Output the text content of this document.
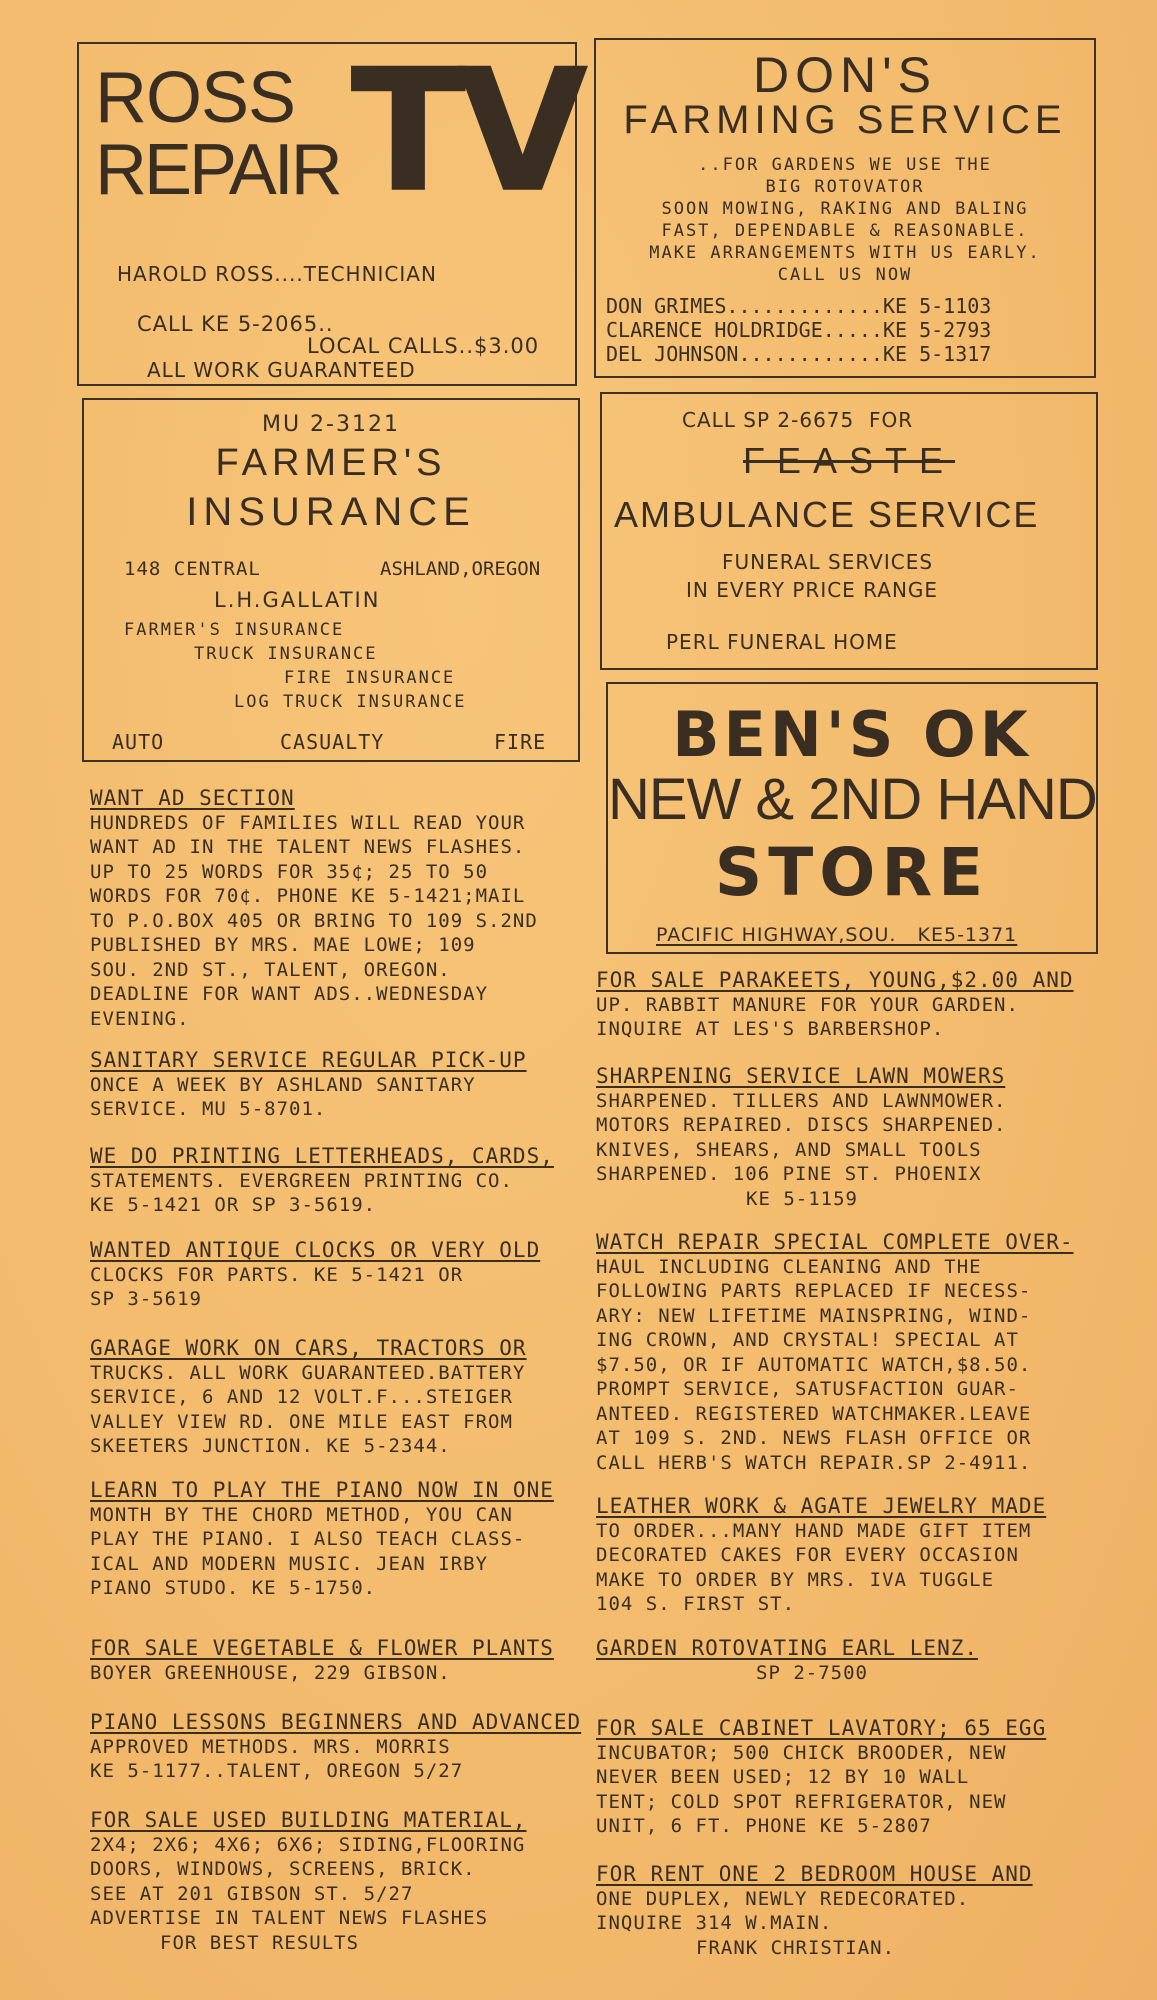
ROSS
REPAIR TV
HAROLD ROSS....TECHNICIAN
CALL KE 5-2065..
LOCAL CALLS..$3.00
ALL WORK GUARANTEED
DON'S
FARMING SERVICE
..FOR GARDENS WE USE THE
BIG ROTOVATOR
SOON MOWING, RAKING AND BALING
FAST, DEPENDABLE & REASONABLE.
MAKE ARRANGEMENTS WITH US EARLY.
CALL US NOW
DON GRIMES.............KE 5-1103
CLARENCE HOLDRIDGE.....KE 5-2793
DEL JOHNSON............KE 5-1317
MU 2-3121
FARMER'S
INSURANCE
148 CENTRAL	ASHLAND,OREGON
L.H.GALLATIN
FARMER'S INSURANCE
TRUCK INSURANCE
FIRE INSURANCE
LOG TRUCK INSURANCE
AUTO	CASUALTY	FIRE
CALL SP 2-6675  FOR
FEASTE
AMBULANCE SERVICE
FUNERAL SERVICES
IN EVERY PRICE RANGE
PERL FUNERAL HOME
BEN'S OK
NEW & 2ND HAND
STORE
PACIFIC HIGHWAY,SOU.   KE5-1371
WANT AD SECTION
HUNDREDS OF FAMILIES WILL READ YOUR
WANT AD IN THE TALENT NEWS FLASHES.
UP TO 25 WORDS FOR 35¢; 25 TO 50
WORDS FOR 70¢. PHONE KE 5-1421;MAIL
TO P.O.BOX 405 OR BRING TO 109 S.2ND
PUBLISHED BY MRS. MAE LOWE; 109
SOU. 2ND ST., TALENT, OREGON.
DEADLINE FOR WANT ADS..WEDNESDAY
EVENING.
SANITARY SERVICE REGULAR PICK-UP
ONCE A WEEK BY ASHLAND SANITARY
SERVICE. MU 5-8701.
WE DO PRINTING LETTERHEADS, CARDS,
STATEMENTS. EVERGREEN PRINTING CO.
KE 5-1421 OR SP 3-5619.
WANTED ANTIQUE CLOCKS OR VERY OLD
CLOCKS FOR PARTS. KE 5-1421 OR
SP 3-5619
GARAGE WORK ON CARS, TRACTORS OR
TRUCKS. ALL WORK GUARANTEED.BATTERY
SERVICE, 6 AND 12 VOLT.F...STEIGER
VALLEY VIEW RD. ONE MILE EAST FROM
SKEETERS JUNCTION. KE 5-2344.
LEARN TO PLAY THE PIANO NOW IN ONE
MONTH BY THE CHORD METHOD, YOU CAN
PLAY THE PIANO. I ALSO TEACH CLASS-
ICAL AND MODERN MUSIC. JEAN IRBY
PIANO STUDO. KE 5-1750.
FOR SALE VEGETABLE & FLOWER PLANTS
BOYER GREENHOUSE, 229 GIBSON.
PIANO LESSONS BEGINNERS AND ADVANCED
APPROVED METHODS. MRS. MORRIS
KE 5-1177..TALENT, OREGON 5/27
FOR SALE USED BUILDING MATERIAL,
2X4; 2X6; 4X6; 6X6; SIDING,FLOORING
DOORS, WINDOWS, SCREENS, BRICK.
SEE AT 201 GIBSON ST. 5/27
ADVERTISE IN TALENT NEWS FLASHES
FOR BEST RESULTS
FOR SALE PARAKEETS, YOUNG,$2.00 AND
UP. RABBIT MANURE FOR YOUR GARDEN.
INQUIRE AT LES'S BARBERSHOP.
SHARPENING SERVICE LAWN MOWERS
SHARPENED. TILLERS AND LAWNMOWER.
MOTORS REPAIRED. DISCS SHARPENED.
KNIVES, SHEARS, AND SMALL TOOLS
SHARPENED. 106 PINE ST. PHOENIX
KE 5-1159
WATCH REPAIR SPECIAL COMPLETE OVER-
HAUL INCLUDING CLEANING AND THE
FOLLOWING PARTS REPLACED IF NECESS-
ARY: NEW LIFETIME MAINSPRING, WIND-
ING CROWN, AND CRYSTAL! SPECIAL AT
$7.50, OR IF AUTOMATIC WATCH,$8.50.
PROMPT SERVICE, SATUSFACTION GUAR-
ANTEED. REGISTERED WATCHMAKER.LEAVE
AT 109 S. 2ND. NEWS FLASH OFFICE OR
CALL HERB'S WATCH REPAIR.SP 2-4911.
LEATHER WORK & AGATE JEWELRY MADE
TO ORDER...MANY HAND MADE GIFT ITEM
DECORATED CAKES FOR EVERY OCCASION
MAKE TO ORDER BY MRS. IVA TUGGLE
104 S. FIRST ST.
GARDEN ROTOVATING EARL LENZ.
SP 2-7500
FOR SALE CABINET LAVATORY; 65 EGG
INCUBATOR; 500 CHICK BROODER, NEW
NEVER BEEN USED; 12 BY 10 WALL
TENT; COLD SPOT REFRIGERATOR, NEW
UNIT, 6 FT. PHONE KE 5-2807
FOR RENT ONE 2 BEDROOM HOUSE AND
ONE DUPLEX, NEWLY REDECORATED.
INQUIRE 314 W.MAIN.
FRANK CHRISTIAN.
